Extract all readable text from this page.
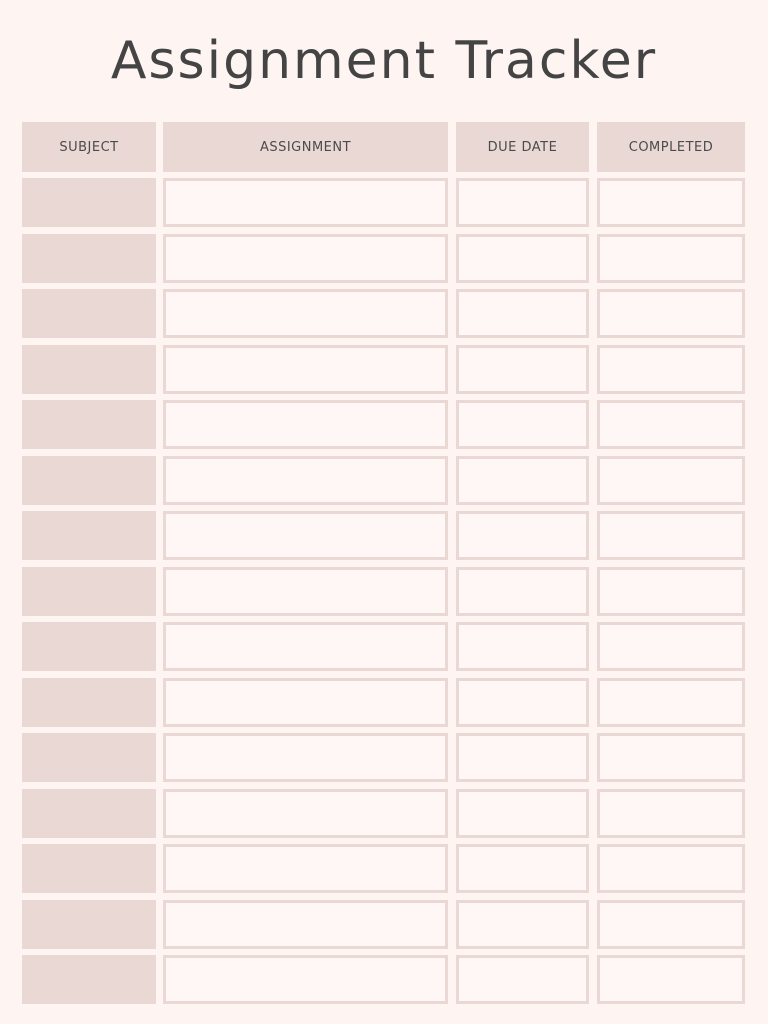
Assignment Tracker
SUBJECT	ASSIGNMENT	DUE DATE	COMPLETED
